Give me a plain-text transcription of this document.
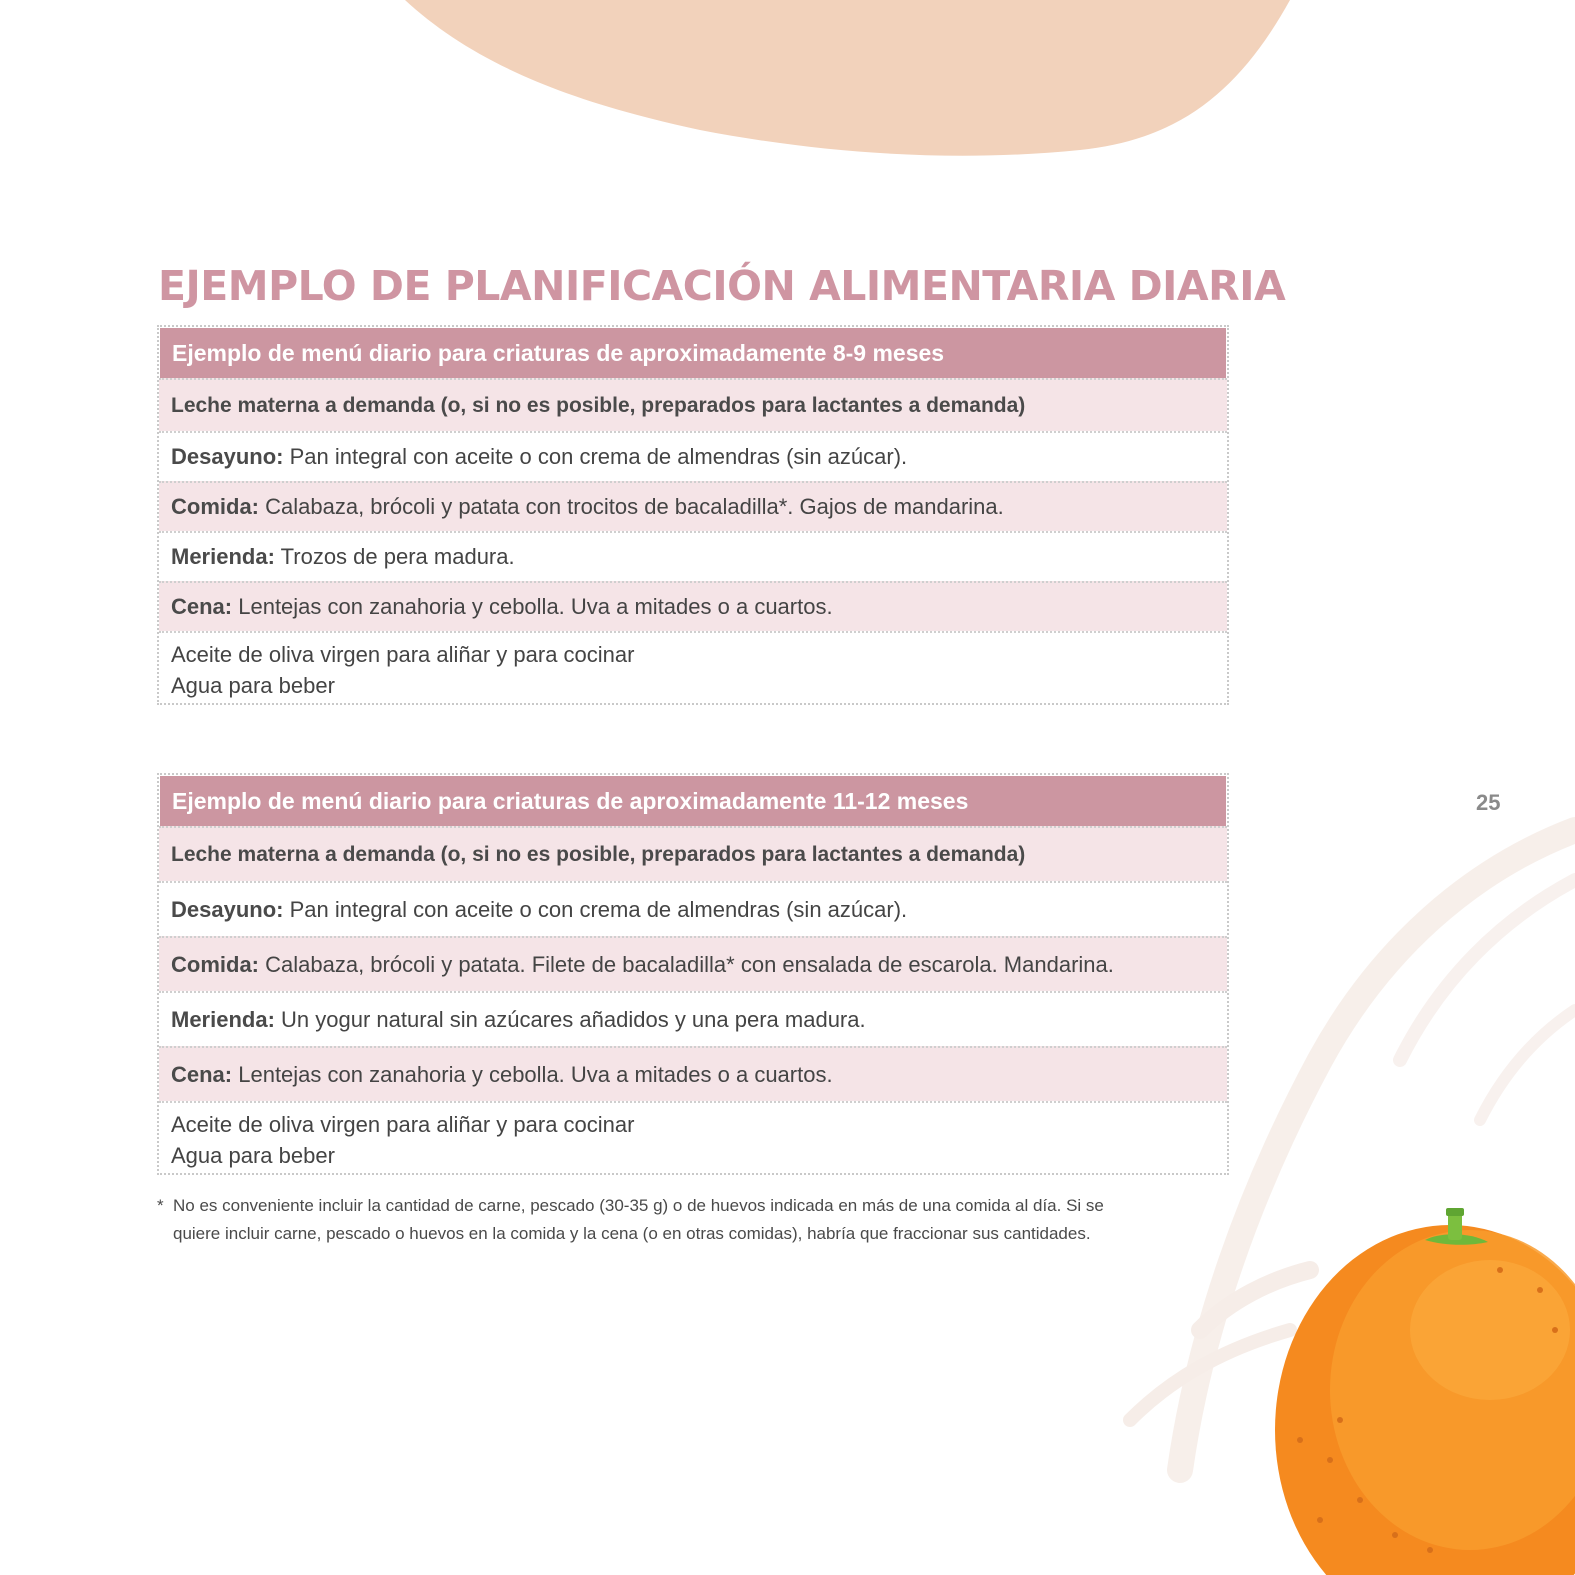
EJEMPLO DE PLANIFICACIÓN ALIMENTARIA DIARIA
Ejemplo de menú diario para criaturas de aproximadamente 8-9 meses
Leche materna a demanda (o, si no es posible, preparados para lactantes a demanda)
Desayuno: Pan integral con aceite o con crema de almendras (sin azúcar).
Comida: Calabaza, brócoli y patata con trocitos de bacaladilla*. Gajos de mandarina.
Merienda: Trozos de pera madura.
Cena: Lentejas con zanahoria y cebolla. Uva a mitades o a cuartos.
Aceite de oliva virgen para aliñar y para cocinar
Agua para beber
Ejemplo de menú diario para criaturas de aproximadamente 11-12 meses
Leche materna a demanda (o, si no es posible, preparados para lactantes a demanda)
Desayuno: Pan integral con aceite o con crema de almendras (sin azúcar).
Comida: Calabaza, brócoli y patata. Filete de bacaladilla* con ensalada de escarola. Mandarina.
Merienda: Un yogur natural sin azúcares añadidos y una pera madura.
Cena: Lentejas con zanahoria y cebolla. Uva a mitades o a cuartos.
Aceite de oliva virgen para aliñar y para cocinar
Agua para beber
* No es conveniente incluir la cantidad de carne, pescado (30-35 g) o de huevos indicada en más de una comida al día. Si se
quiere incluir carne, pescado o huevos en la comida y la cena (o en otras comidas), habría que fraccionar sus cantidades.
25
